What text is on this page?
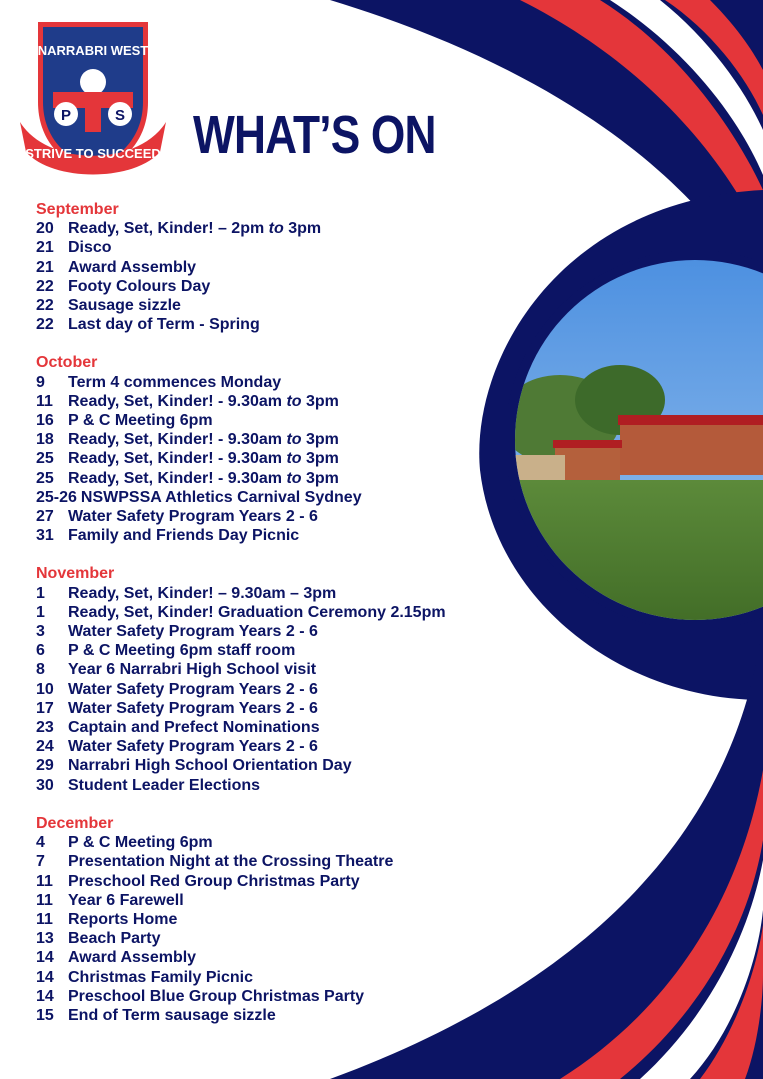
NARRABRI WEST
P	S
STRIVE TO SUCCEED WHAT’S ON
September
20 Ready, Set, Kinder! – 2pm to 3pm
21 Disco
21 Award Assembly
22 Footy Colours Day
22 Sausage sizzle
22 Last day of Term - Spring
October
9 Term 4 commences Monday
11 Ready, Set, Kinder! - 9.30am to 3pm
16 P & C Meeting 6pm
18 Ready, Set, Kinder! - 9.30am to 3pm
25 Ready, Set, Kinder! - 9.30am to 3pm
25 Ready, Set, Kinder! - 9.30am to 3pm
25-26 NSWPSSA Athletics Carnival Sydney
27 Water Safety Program Years 2 - 6
31 Family and Friends Day Picnic
November
1 Ready, Set, Kinder! – 9.30am – 3pm
1 Ready, Set, Kinder! Graduation Ceremony 2.15pm
3 Water Safety Program Years 2 - 6
6 P & C Meeting 6pm staff room
8 Year 6 Narrabri High School visit
10 Water Safety Program Years 2 - 6
17 Water Safety Program Years 2 - 6
23 Captain and Prefect Nominations
24 Water Safety Program Years 2 - 6
29 Narrabri High School Orientation Day
30 Student Leader Elections
December
4 P & C Meeting 6pm
7 Presentation Night at the Crossing Theatre
11 Preschool Red Group Christmas Party
11 Year 6 Farewell
11 Reports Home
13 Beach Party
14 Award Assembly
14 Christmas Family Picnic
14 Preschool Blue Group Christmas Party
15 End of Term sausage sizzle
